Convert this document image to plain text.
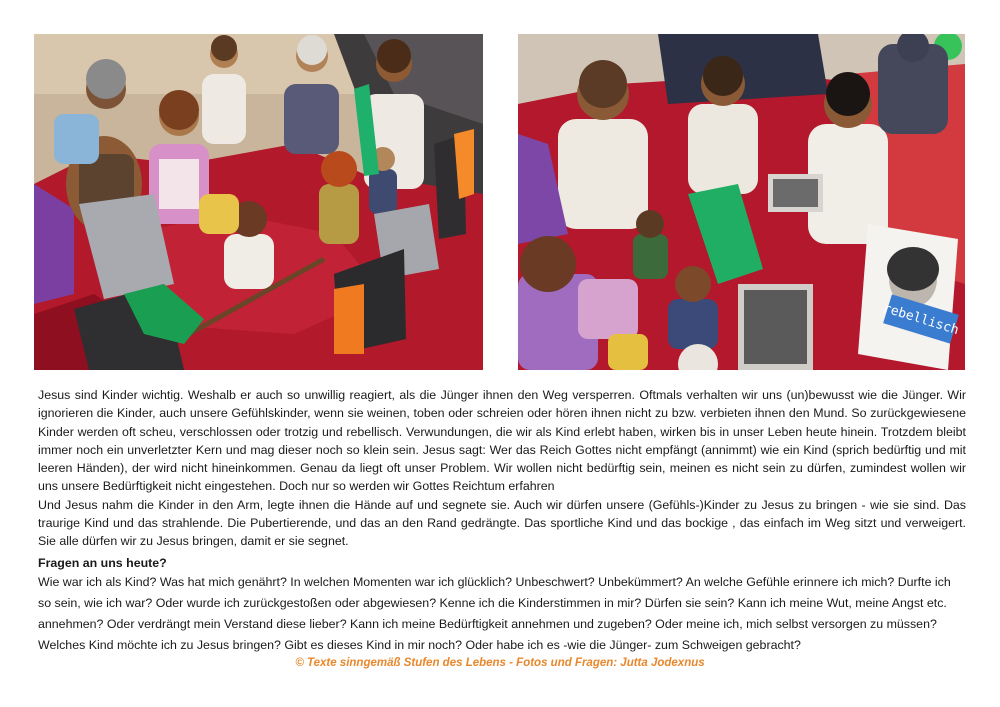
rebellisch

Jesus sind Kinder wichtig. Weshalb er auch so unwillig reagiert, als die Jünger ihnen den Weg versperren. Oftmals verhalten wir uns (un)bewusst wie die Jünger. Wir ignorieren die Kinder, auch unsere Gefühlskinder, wenn sie weinen, toben oder schreien oder hören ihnen nicht zu bzw. verbieten ihnen den Mund. So zurückgewiesene Kinder werden oft scheu, verschlossen oder trotzig und rebellisch. Verwundungen, die wir als Kind erlebt haben, wirken bis in unser Leben heute hinein. Trotzdem bleibt immer noch ein unverletzter Kern und mag dieser noch so klein sein. Jesus sagt: Wer das Reich Gottes nicht empfängt (annimmt) wie ein Kind (sprich bedürftig und mit leeren Händen), der wird nicht hineinkommen. Genau da liegt oft unser Problem. Wir wollen nicht bedürftig sein, meinen es nicht sein zu dürfen, zumindest wollen wir uns unsere Bedürftigkeit nicht eingestehen. Doch nur so werden wir Gottes Reichtum erfahren

Und Jesus nahm die Kinder in den Arm, legte ihnen die Hände auf und segnete sie. Auch wir dürfen unsere (Gefühls-)Kinder zu Jesus zu bringen - wie sie sind. Das traurige Kind und das strahlende. Die Pubertierende, und das an den Rand gedrängte. Das sportliche Kind und das bockige , das einfach im Weg sitzt und verweigert. Sie alle dürfen wir zu Jesus bringen, damit er sie segnet.

Fragen an uns heute?
Wie war ich als Kind? Was hat mich genährt? In welchen Momenten war ich glücklich? Unbeschwert? Unbekümmert? An welche Gefühle erinnere ich mich? Durfte ich so sein, wie ich war? Oder wurde ich zurückgestoßen oder abgewiesen? Kenne ich die Kinderstimmen in mir? Dürfen sie sein? Kann ich meine Wut, meine Angst etc. annehmen? Oder verdrängt mein Verstand diese lieber? Kann ich meine Bedürftigkeit annehmen und zugeben? Oder meine ich, mich selbst versorgen zu müssen? Welches Kind möchte ich zu Jesus bringen? Gibt es dieses Kind in mir noch? Oder habe ich es -wie die Jünger- zum Schweigen gebracht?
© Texte sinngemäß Stufen des Lebens - Fotos und Fragen: Jutta Jodexnus
